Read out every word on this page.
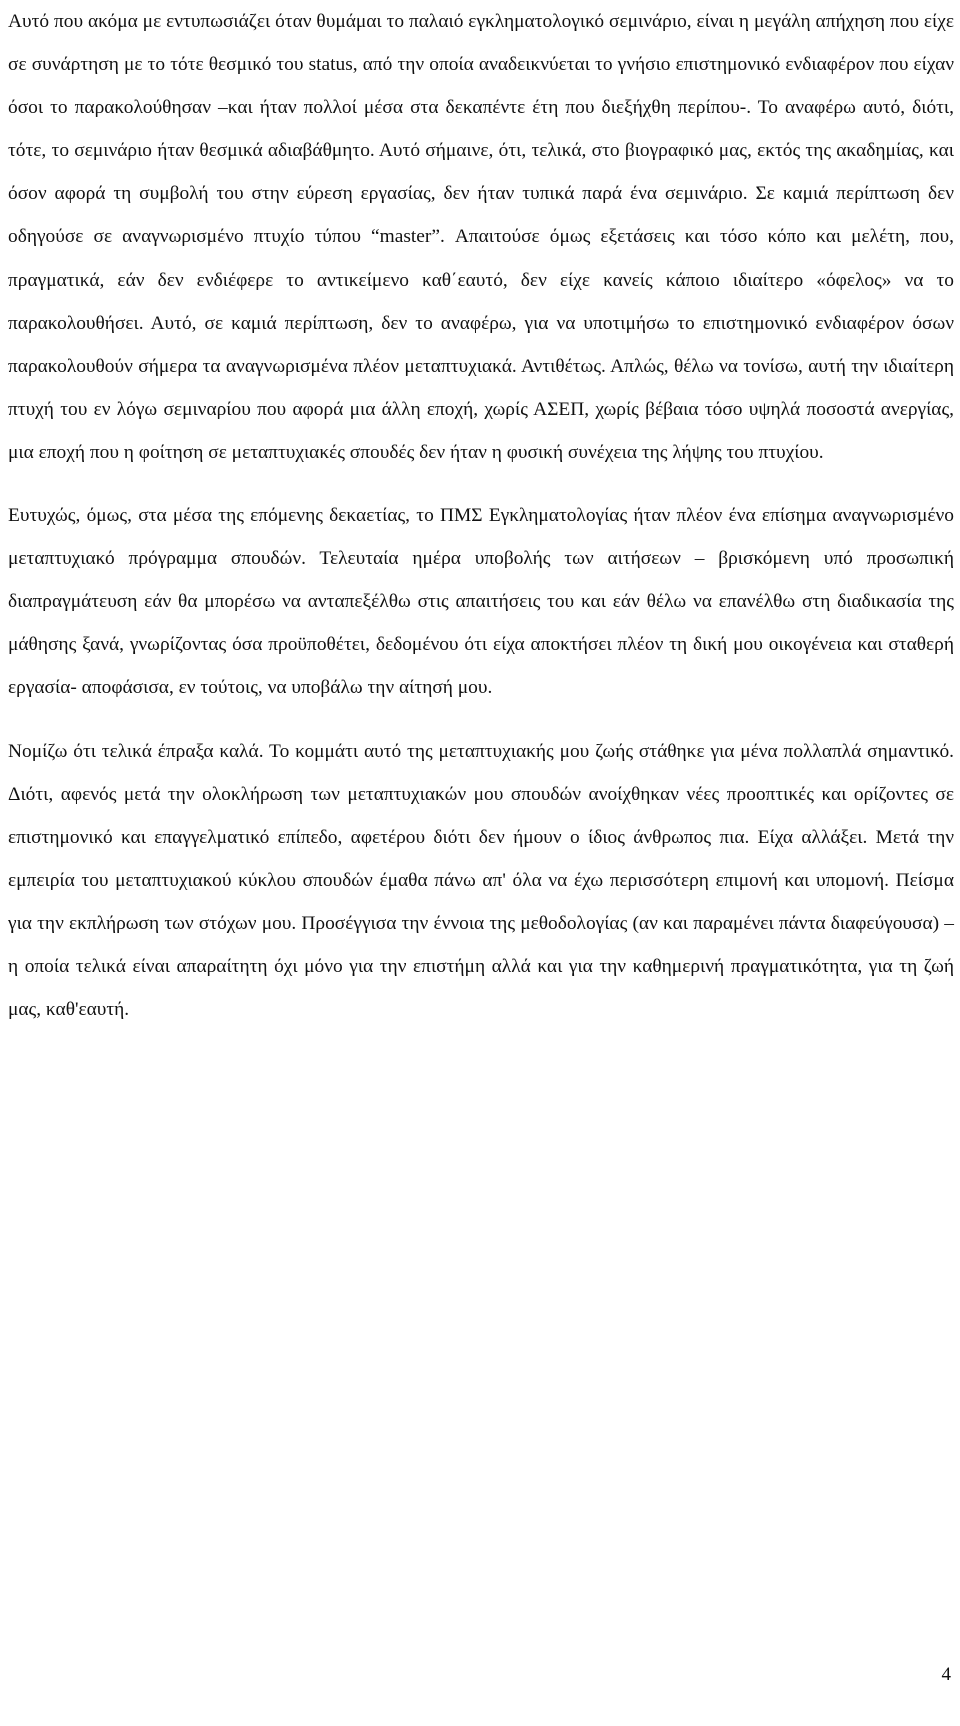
Αυτό που ακόμα με εντυπωσιάζει όταν θυμάμαι το παλαιό εγκληματολογικό σεμινάριο, είναι η μεγάλη απήχηση που είχε σε συνάρτηση με το τότε θεσμικό του status, από την οποία αναδεικνύεται το γνήσιο επιστημονικό ενδιαφέρον που είχαν όσοι το παρακολούθησαν –και ήταν πολλοί μέσα στα δεκαπέντε έτη που διεξήχθη περίπου-. Το αναφέρω αυτό, διότι, τότε, το σεμινάριο ήταν θεσμικά αδιαβάθμητο. Αυτό σήμαινε, ότι, τελικά, στο βιογραφικό μας, εκτός της ακαδημίας, και όσον αφορά τη συμβολή του στην εύρεση εργασίας, δεν ήταν τυπικά παρά ένα σεμινάριο. Σε καμιά περίπτωση δεν οδηγούσε σε αναγνωρισμένο πτυχίο τύπου “master”. Απαιτούσε όμως εξετάσεις και τόσο κόπο και μελέτη, που, πραγματικά, εάν δεν ενδιέφερε το αντικείμενο καθ΄εαυτό, δεν είχε κανείς κάποιο ιδιαίτερο «όφελος» να το παρακολουθήσει. Αυτό, σε καμιά περίπτωση, δεν το αναφέρω, για να υποτιμήσω το επιστημονικό ενδιαφέρον όσων παρακολουθούν σήμερα τα αναγνωρισμένα πλέον μεταπτυχιακά. Αντιθέτως. Απλώς, θέλω να τονίσω, αυτή την ιδιαίτερη πτυχή του εν λόγω σεμιναρίου που αφορά μια άλλη εποχή, χωρίς ΑΣΕΠ, χωρίς βέβαια τόσο υψηλά ποσοστά ανεργίας, μια εποχή που η φοίτηση σε μεταπτυχιακές σπουδές δεν ήταν η φυσική συνέχεια της λήψης του πτυχίου.

Ευτυχώς, όμως, στα μέσα της επόμενης δεκαετίας, το ΠΜΣ Εγκληματολογίας ήταν πλέον ένα επίσημα αναγνωρισμένο μεταπτυχιακό πρόγραμμα σπουδών. Τελευταία ημέρα υποβολής των αιτήσεων – βρισκόμενη υπό προσωπική διαπραγμάτευση εάν θα μπορέσω να ανταπεξέλθω στις απαιτήσεις του και εάν θέλω να επανέλθω στη διαδικασία της μάθησης ξανά, γνωρίζοντας όσα προϋποθέτει, δεδομένου ότι είχα αποκτήσει πλέον τη δική μου οικογένεια και σταθερή εργασία- αποφάσισα, εν τούτοις, να υποβάλω την αίτησή μου.

Νομίζω ότι τελικά έπραξα καλά. Το κομμάτι αυτό της μεταπτυχιακής μου ζωής στάθηκε για μένα πολλαπλά σημαντικό. Διότι, αφενός μετά την ολοκλήρωση των μεταπτυχιακών μου σπουδών ανοίχθηκαν νέες προοπτικές και ορίζοντες σε επιστημονικό και επαγγελματικό επίπεδο, αφετέρου διότι δεν ήμουν ο ίδιος άνθρωπος πια. Είχα αλλάξει. Μετά την εμπειρία του μεταπτυχιακού κύκλου σπουδών έμαθα πάνω απ' όλα να έχω περισσότερη επιμονή και υπομονή. Πείσμα για την εκπλήρωση των στόχων μου. Προσέγγισα την έννοια της μεθοδολογίας (αν και παραμένει πάντα διαφεύγουσα) – η οποία τελικά είναι απαραίτητη όχι μόνο για την επιστήμη αλλά και για την καθημερινή πραγματικότητα, για τη ζωή μας, καθ'εαυτή.

4
